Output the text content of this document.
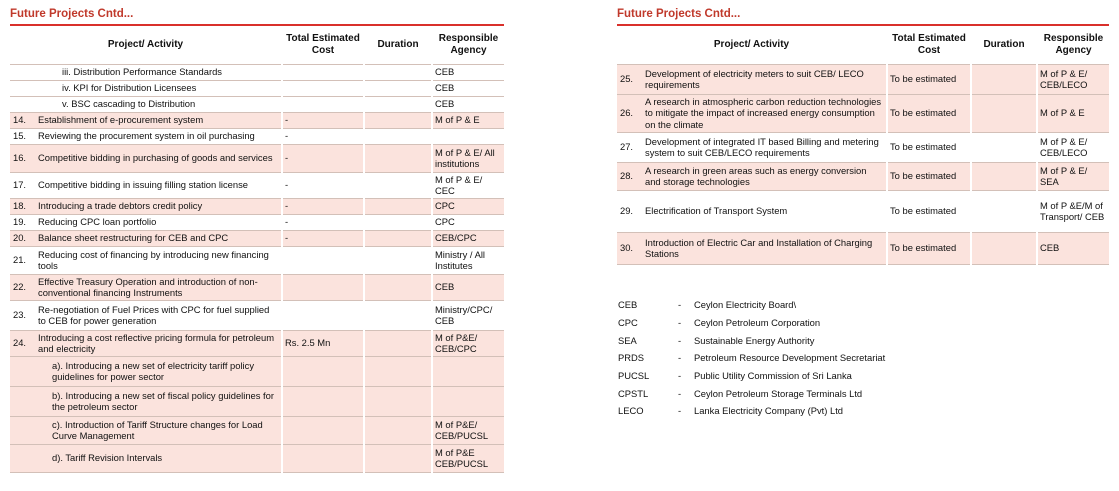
Future Projects Cntd...
Project/ Activity		Total Estimated Cost	Duration	Responsible Agency
	iii. Distribution Performance Standards			CEB
	iv. KPI for Distribution Licensees			CEB
	v. BSC cascading to Distribution			CEB
14.	Establishment of e-procurement system	-		M of P & E
15.	Reviewing the procurement system in oil purchasing	-		
16.	Competitive bidding in purchasing of goods and services	-		M of P & E/ All institutions
17.	Competitive bidding in issuing filling station license	-		M of P & E/ CEC
18.	Introducing a trade debtors credit policy	-		CPC
19.	Reducing CPC loan portfolio	-		CPC
20.	Balance sheet restructuring for CEB and CPC	-		CEB/CPC
21.	Reducing cost of financing by introducing new financing tools			Ministry / All Institutes
22.	Effective Treasury Operation and introduction of non-conventional financing Instruments			CEB
23.	Re-negotiation of Fuel Prices with CPC for fuel supplied to CEB for power generation			Ministry/CPC/ CEB
24.	Introducing a cost reflective pricing formula for petroleum and electricity	Rs. 2.5 Mn		M of P&E/ CEB/CPC
	a). Introducing a new set of electricity tariff policy guidelines for power sector			
	b). Introducing a new set of fiscal policy guidelines for the petroleum sector			
	c). Introduction of Tariff Structure changes for Load Curve Management			M of P&E/ CEB/PUCSL
	d). Tariff Revision Intervals			M of P&E CEB/PUCSL
Future Projects Cntd...
Project/ Activity		Total Estimated Cost	Duration	Responsible Agency
25.	Development of electricity meters to suit CEB/ LECO requirements	To be estimated		M of P & E/ CEB/LECO
26.	A research in atmospheric carbon reduction technologies to mitigate the impact of increased energy consumption on the climate	To be estimated		M of P & E
27.	Development of integrated IT based Billing and metering system to suit CEB/LECO requirements	To be estimated		M of P & E/ CEB/LECO
28.	A research in green areas such as energy conversion and storage technologies	To be estimated		M of P & E/ SEA
29.	Electrification of Transport System	To be estimated		M of P &E/M of Transport/ CEB
30.	Introduction of Electric Car and Installation of Charging Stations	To be estimated		CEB
CEB	-	Ceylon Electricity Board\
CPC	-	Ceylon Petroleum Corporation
SEA	-	Sustainable Energy Authority
PRDS	-	Petroleum Resource Development Secretariat
PUCSL	-	Public Utility Commission of Sri Lanka
CPSTL	-	Ceylon Petroleum Storage Terminals Ltd
LECO	-	Lanka Electricity Company (Pvt) Ltd
